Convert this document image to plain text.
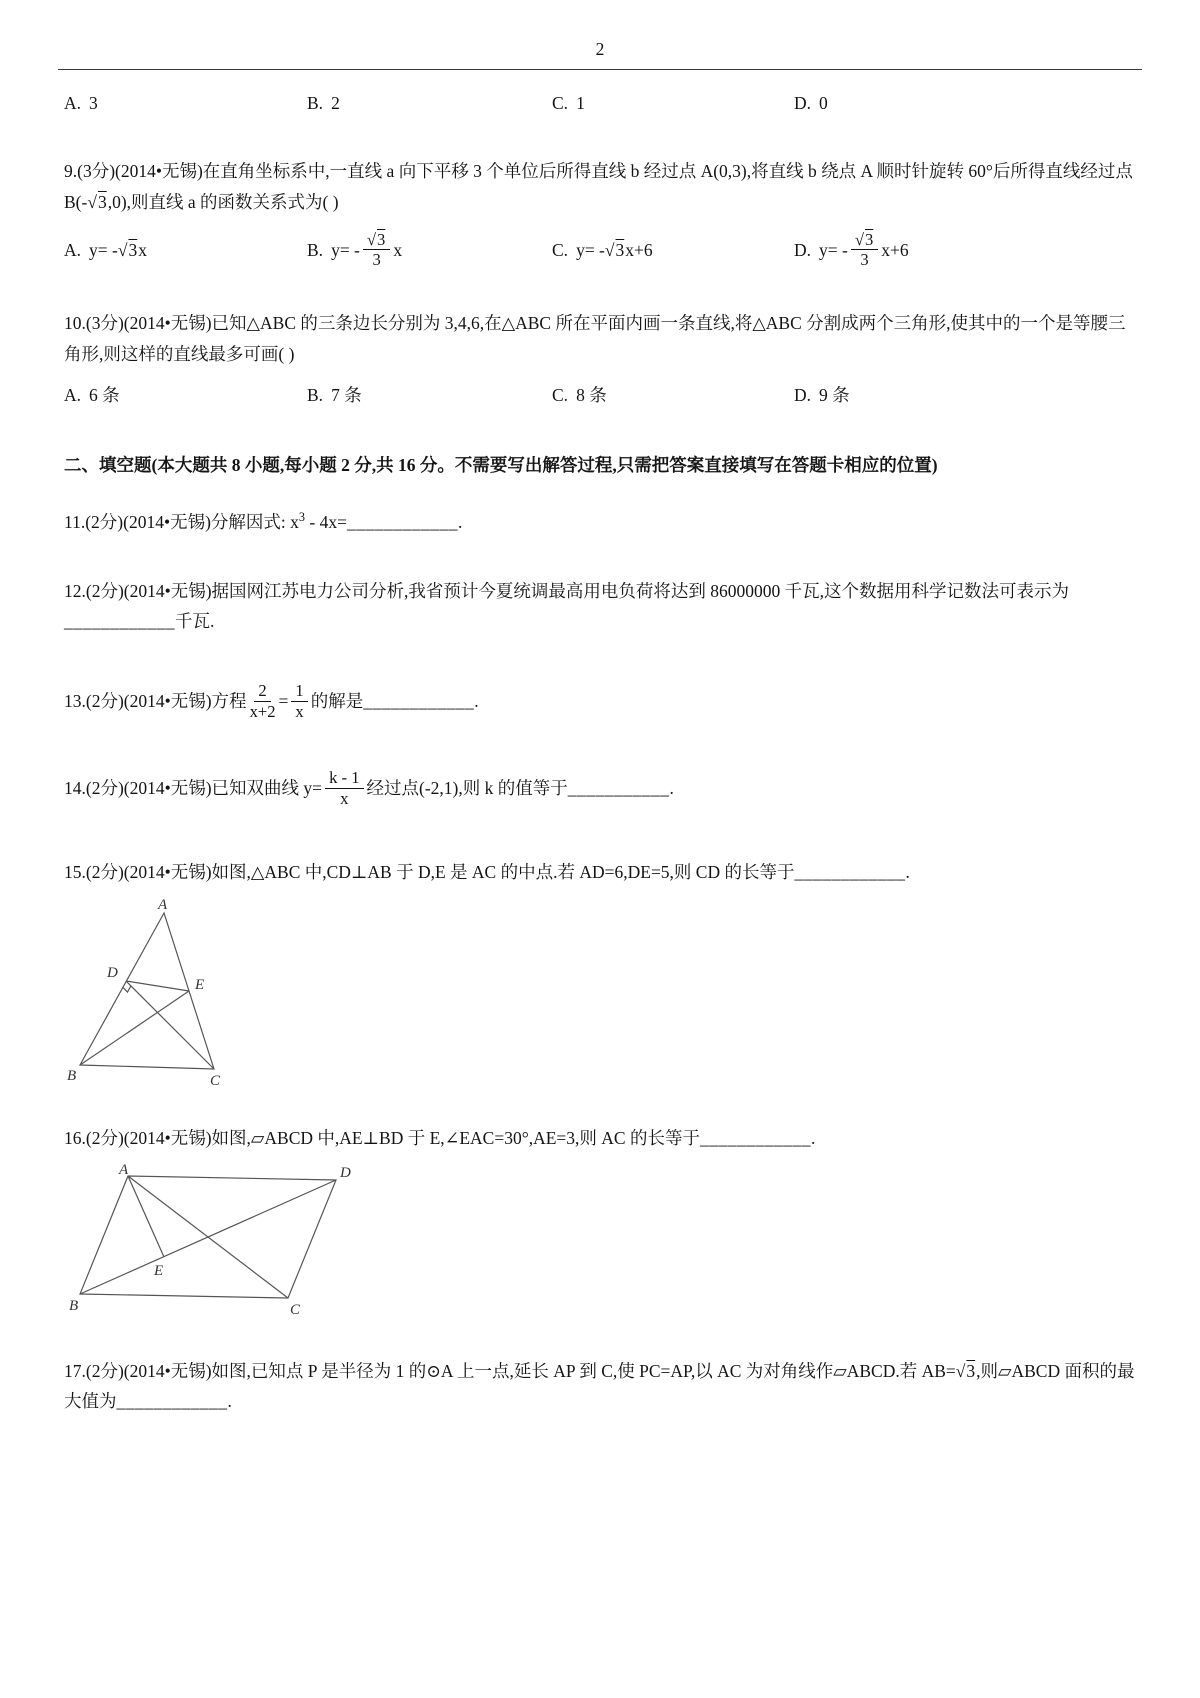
2
A. 3	B. 2	C. 1	D. 0

9.(3分)(2014•无锡)在直角坐标系中,一直线 a 向下平移 3 个单位后所得直线 b 经过点 A(0,3),将直线 b 绕点 A 顺时针旋转 60°后所得直线经过点 B(-√3,0),则直线 a 的函数关系式为( )

A. y= -√3x	B. $y= - \frac{√3}{3}$ x	C. y= -√3x+6	D. $y= - \frac{√3}{3} x+6$

10.(3分)(2014•无锡)已知△ABC 的三条边长分别为 3,4,6,在△ABC 所在平面内画一条直线,将△ABC 分割成两个三角形,使其中的一个是等腰三角形,则这样的直线最多可画( )

A. 6 条	B. 7 条	C. 8 条	D. 9 条

二、填空题(本大题共 8 小题,每小题 2 分,共 16 分。不需要写出解答过程,只需把答案直接填写在答题卡相应的位置)

11.(2分)(2014•无锡)分解因式: $x^3$ - 4x=____________.

12.(2分)(2014•无锡)据国网江苏电力公司分析,我省预计今夏统调最高用电负荷将达到 86000000 千瓦,这个数据用科学记数法可表示为____________千瓦.

13.(2分)(2014•无锡)方程 $\frac{2}{x+2} = \frac{1}{x}$ 的解是 ____________ .

14.(2分)(2014•无锡)已知双曲线 $y= \frac{k - 1}{x}$ 经过点(-2,1),则 k 的值等于 ___________ .

15.(2分)(2014•无锡)如图,△ABC 中,CD⊥AB 于 D,E 是 AC 的中点.若 AD=6,DE=5,则 CD 的长等于____________.

A
B	C
D
E

16.(2分)(2014•无锡)如图,▱ABCD 中,AE⊥BD 于 E,∠EAC=30°,AE=3,则 AC 的长等于____________.

A	D
B	C
E

17.(2分)(2014•无锡)如图,已知点 P 是半径为 1 的⊙A 上一点,延长 AP 到 C,使 PC=AP,以 AC 为对角线作▱ABCD.若 AB=√3,则▱ABCD 面积的最大值为____________.
